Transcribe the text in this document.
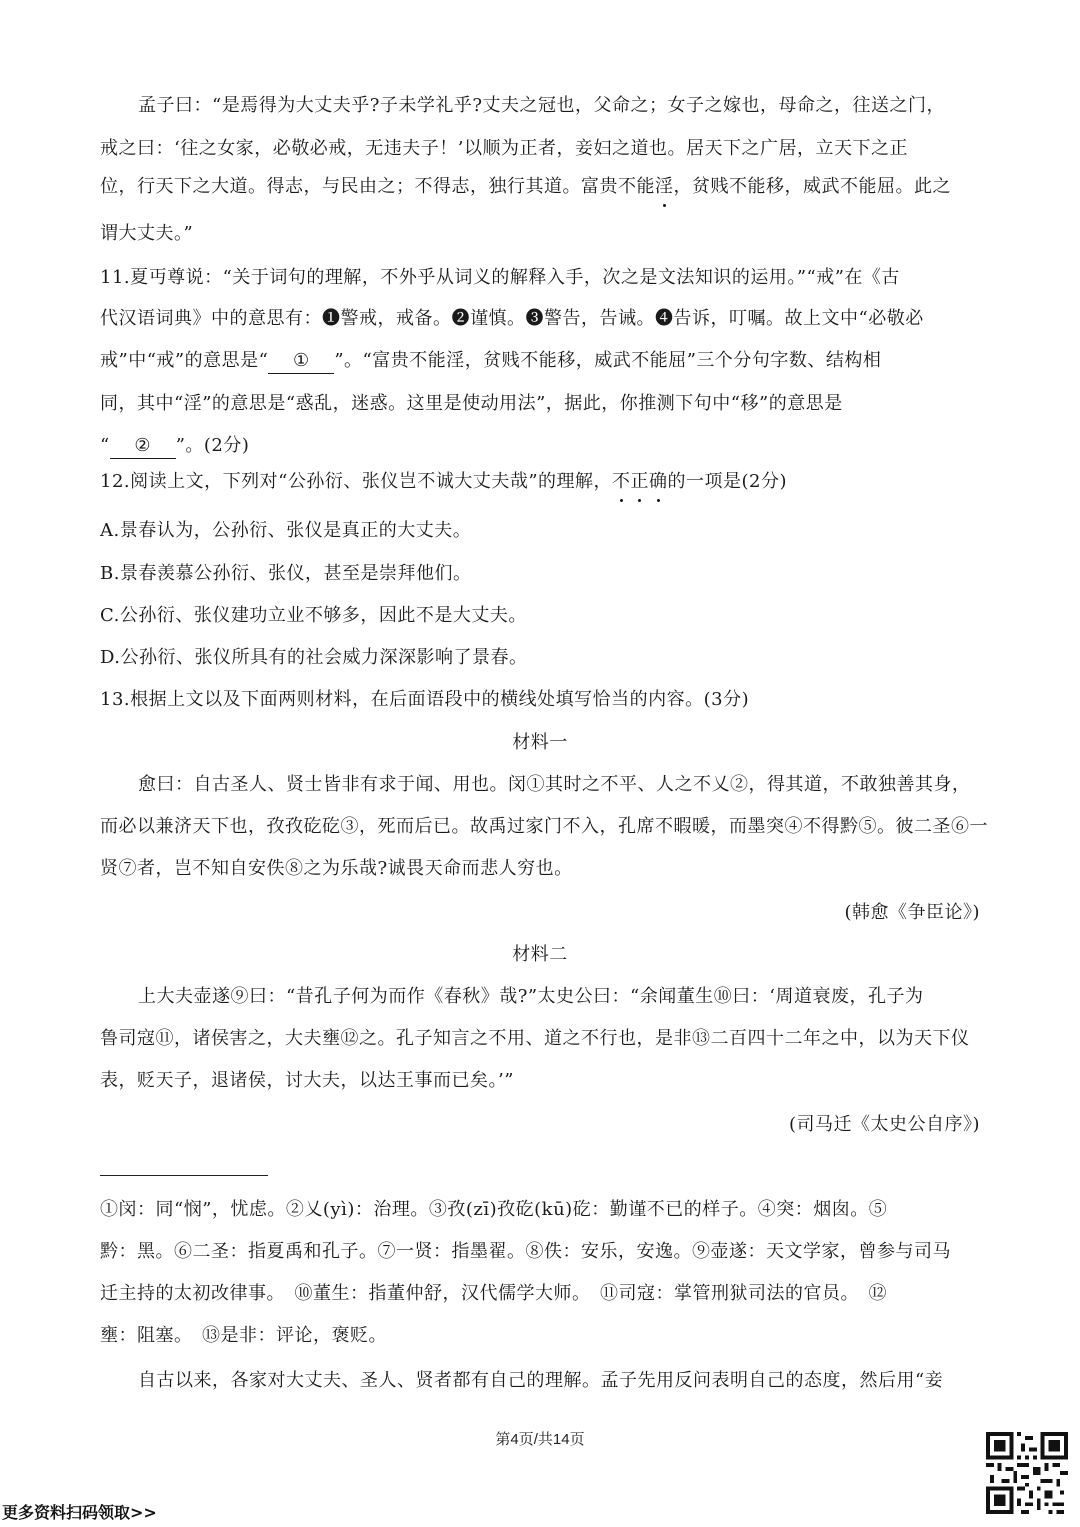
孟子曰：“是焉得为大丈夫乎?子未学礼乎?丈夫之冠也，父命之；女子之嫁也，母命之，往送之门，
戒之曰：‘往之女家，必敬必戒，无违夫子！’以顺为正者，妾妇之道也。居天下之广居，立天下之正
位，行天下之大道。得志，与民由之；不得志，独行其道。富贵不能淫，贫贱不能移，威武不能屈。此之
谓大丈夫。”
11.夏丏尊说：“关于词句的理解，不外乎从词义的解释入手，次之是文法知识的运用。”“戒”在《古
代汉语词典》中的意思有：❶警戒，戒备。❷谨慎。❸警告，告诫。❹告诉，叮嘱。故上文中“必敬必
戒”中“戒”的意思是“ ① ”。“富贵不能淫，贫贱不能移，威武不能屈”三个分句字数、结构相
同，其中“淫”的意思是“惑乱，迷惑。这里是使动用法”，据此，你推测下句中“移”的意思是
“ ② ”。(2分)
12.阅读上文，下列对“公孙衍、张仪岂不诚大丈夫哉”的理解，不正确的一项是(2分)
A.景春认为，公孙衍、张仪是真正的大丈夫。
B.景春羡慕公孙衍、张仪，甚至是崇拜他们。
C.公孙衍、张仪建功立业不够多，因此不是大丈夫。
D.公孙衍、张仪所具有的社会威力深深影响了景春。
13.根据上文以及下面两则材料，在后面语段中的横线处填写恰当的内容。(3分)
材料一
愈曰：自古圣人、贤士皆非有求于闻、用也。闵①其时之不平、人之不乂②，得其道，不敢独善其身，
而必以兼济天下也，孜孜矻矻③，死而后已。故禹过家门不入，孔席不暇暖，而墨突④不得黔⑤。彼二圣⑥一
贤⑦者，岂不知自安佚⑧之为乐哉?诚畏天命而悲人穷也。
(韩愈《争臣论》)
材料二
上大夫壶遂⑨曰：“昔孔子何为而作《春秋》哉?”太史公曰：“余闻董生⑩曰：‘周道衰废，孔子为
鲁司寇⑪，诸侯害之，大夫壅⑫之。孔子知言之不用、道之不行也，是非⑬二百四十二年之中，以为天下仪
表，贬天子，退诸侯，讨大夫，以达王事而已矣。’”
(司马迁《太史公自序》)
①闵：同“悯”，忧虑。②乂(yì)：治理。③孜(zī)孜矻(kū)矻：勤谨不已的样子。④突：烟囱。⑤
黔：黑。⑥二圣：指夏禹和孔子。⑦一贤：指墨翟。⑧佚：安乐，安逸。⑨壶遂：天文学家，曾参与司马
迁主持的太初改律事。　⑩董生：指董仲舒，汉代儒学大师。　⑪司寇：掌管刑狱司法的官员。　⑫
壅：阻塞。　⑬是非：评论，褒贬。
自古以来，各家对大丈夫、圣人、贤者都有自己的理解。孟子先用反问表明自己的态度，然后用“妾
第4页/共14页
更多资料扫码领取>>
